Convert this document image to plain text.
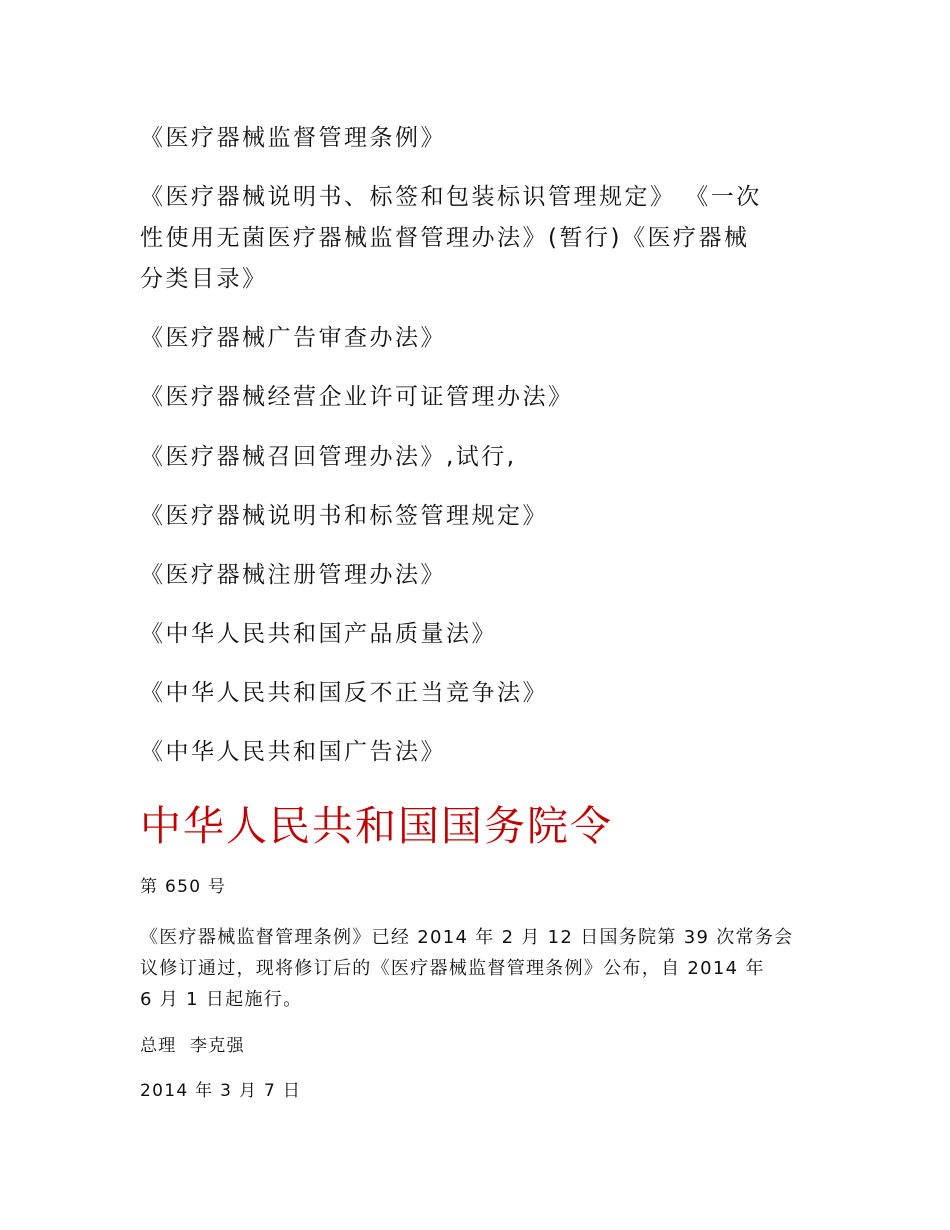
《医疗器械监督管理条例》
《医疗器械说明书、标签和包装标识管理规定》 《一次
性使用无菌医疗器械监督管理办法》(暂行)《医疗器械
分类目录》
《医疗器械广告审查办法》
《医疗器械经营企业许可证管理办法》
《医疗器械召回管理办法》,试行,
《医疗器械说明书和标签管理规定》
《医疗器械注册管理办法》
《中华人民共和国产品质量法》
《中华人民共和国反不正当竞争法》
《中华人民共和国广告法》
中华人民共和国国务院令
第 650 号
《医疗器械监督管理条例》已经 2014 年 2 月 12 日国务院第 39 次常务会
议修订通过，现将修订后的《医疗器械监督管理条例》公布，自 2014 年
6 月 1 日起施行。
总理  李克强
2014 年 3 月 7 日
